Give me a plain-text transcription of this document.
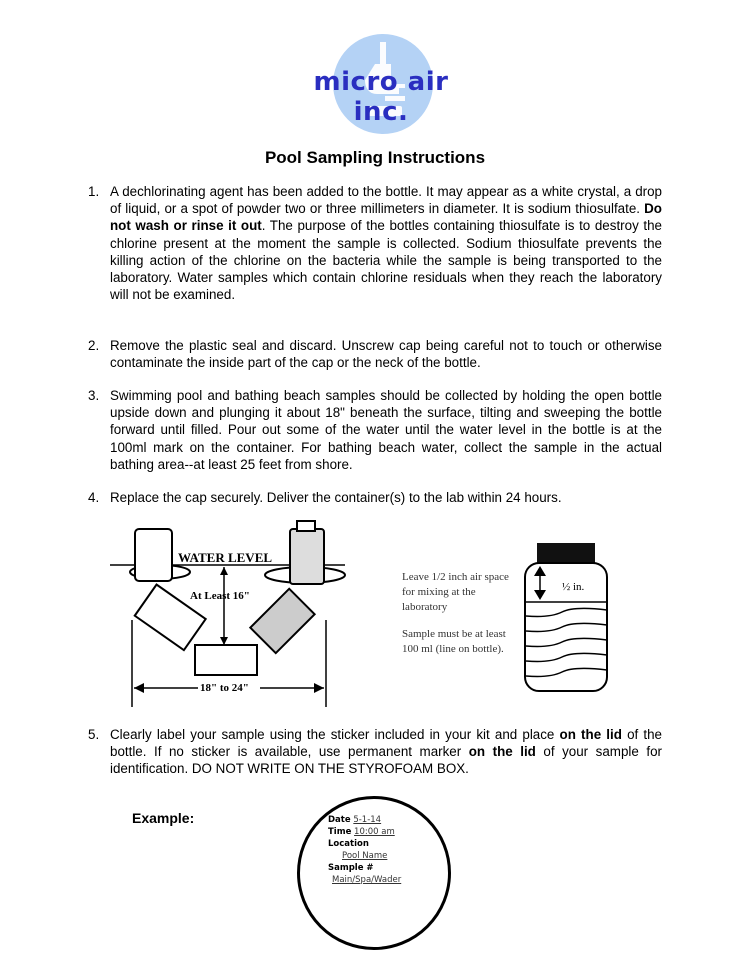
micro air inc.
Pool Sampling Instructions
1. A dechlorinating agent has been added to the bottle. It may appear as a white crystal, a drop of liquid, or a spot of powder two or three millimeters in diameter. It is sodium thiosulfate. Do not wash or rinse it out. The purpose of the bottles containing thiosulfate is to destroy the chlorine present at the moment the sample is collected. Sodium thiosulfate prevents the killing action of the chlorine on the bacteria while the sample is being transported to the laboratory. Water samples which contain chlorine residuals when they reach the laboratory will not be examined.
2. Remove the plastic seal and discard. Unscrew cap being careful not to touch or otherwise contaminate the inside part of the cap or the neck of the bottle.
3. Swimming pool and bathing beach samples should be collected by holding the open bottle upside down and plunging it about 18" beneath the surface, tilting and sweeping the bottle forward until filled. Pour out some of the water until the water level in the bottle is at the 100ml mark on the container. For bathing beach water, collect the sample in the actual bathing area--at least 25 feet from shore.
4. Replace the cap securely. Deliver the container(s) to the lab within 24 hours.
WATER LEVEL
At Least 16"
18" to 24"

Leave 1/2 inch air space for mixing at the laboratory

Sample must be at least 100 ml (line on bottle).

½ in.
5. Clearly label your sample using the sticker included in your kit and place on the lid of the bottle. If no sticker is available, use permanent marker on the lid of your sample for identification. DO NOT WRITE ON THE STYROFOAM BOX.
Example:	Date 5-1-14
Time 10:00 am
Location
Pool Name
Sample #
Main/Spa/Wader
